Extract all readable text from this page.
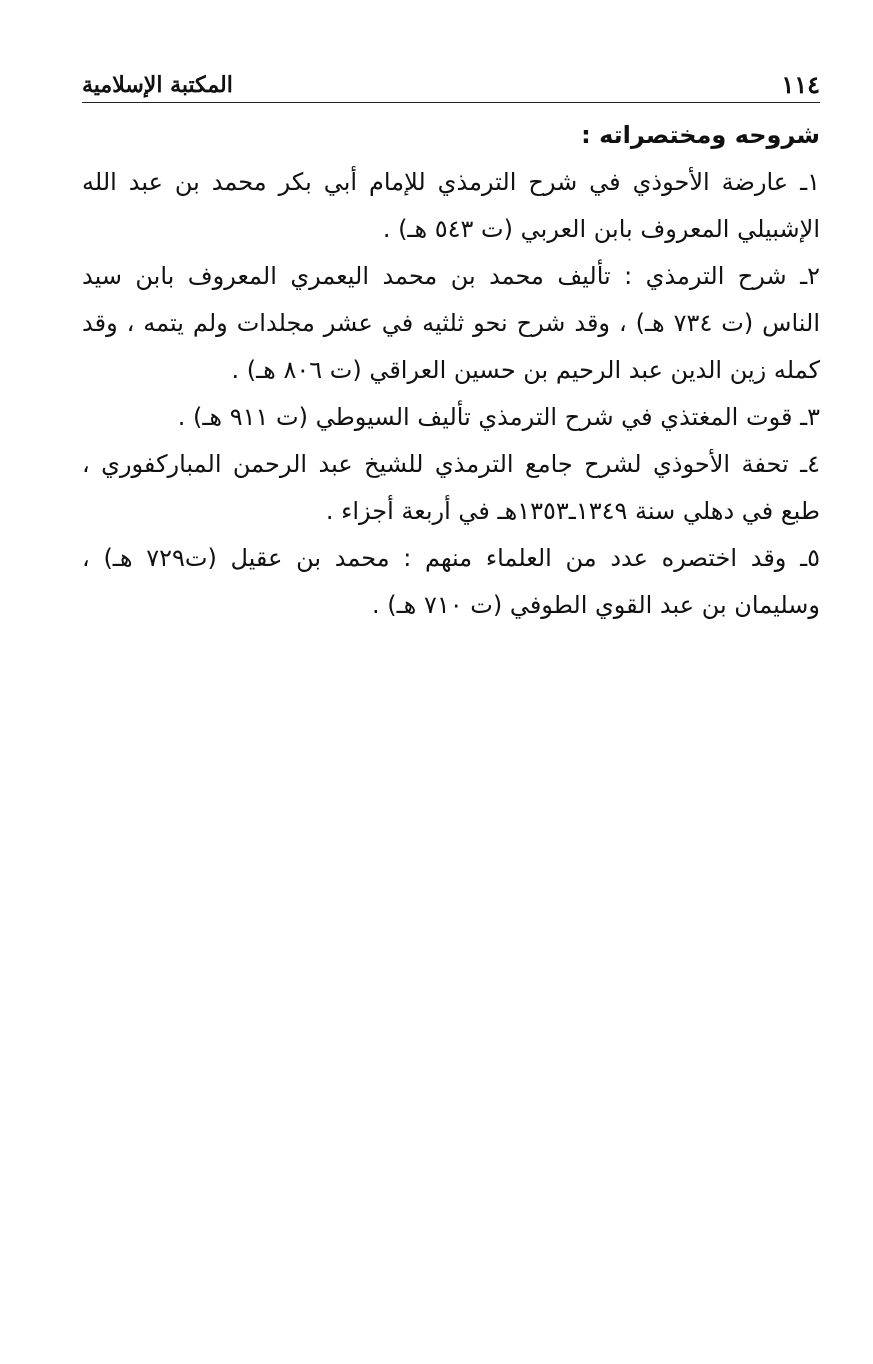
١١٤
المكتبة الإسلامية

شروحه ومختصراته :

١ـ عارضة الأحوذي في شرح الترمذي للإمام أبي بكر محمد بن عبد الله الإشبيلي المعروف بابن العربي (ت ٥٤٣ هـ) .

٢ـ شرح الترمذي : تأليف محمد بن محمد اليعمري المعروف بابن سيد الناس (ت ٧٣٤ هـ) ، وقد شرح نحو ثلثيه في عشر مجلدات ولم يتمه ، وقد كمله زين الدين عبد الرحيم بن حسين العراقي (ت ٨٠٦ هـ) .

٣ـ قوت المغتذي في شرح الترمذي تأليف السيوطي (ت ٩١١ هـ) .

٤ـ تحفة الأحوذي لشرح جامع الترمذي للشيخ عبد الرحمن المباركفوري ، طبع في دهلي سنة ١٣٤٩ـ١٣٥٣هـ في أربعة أجزاء .

٥ـ وقد اختصره عدد من العلماء منهم : محمد بن عقيل (ت٧٢٩ هـ) ، وسليمان بن عبد القوي الطوفي (ت ٧١٠ هـ) .
